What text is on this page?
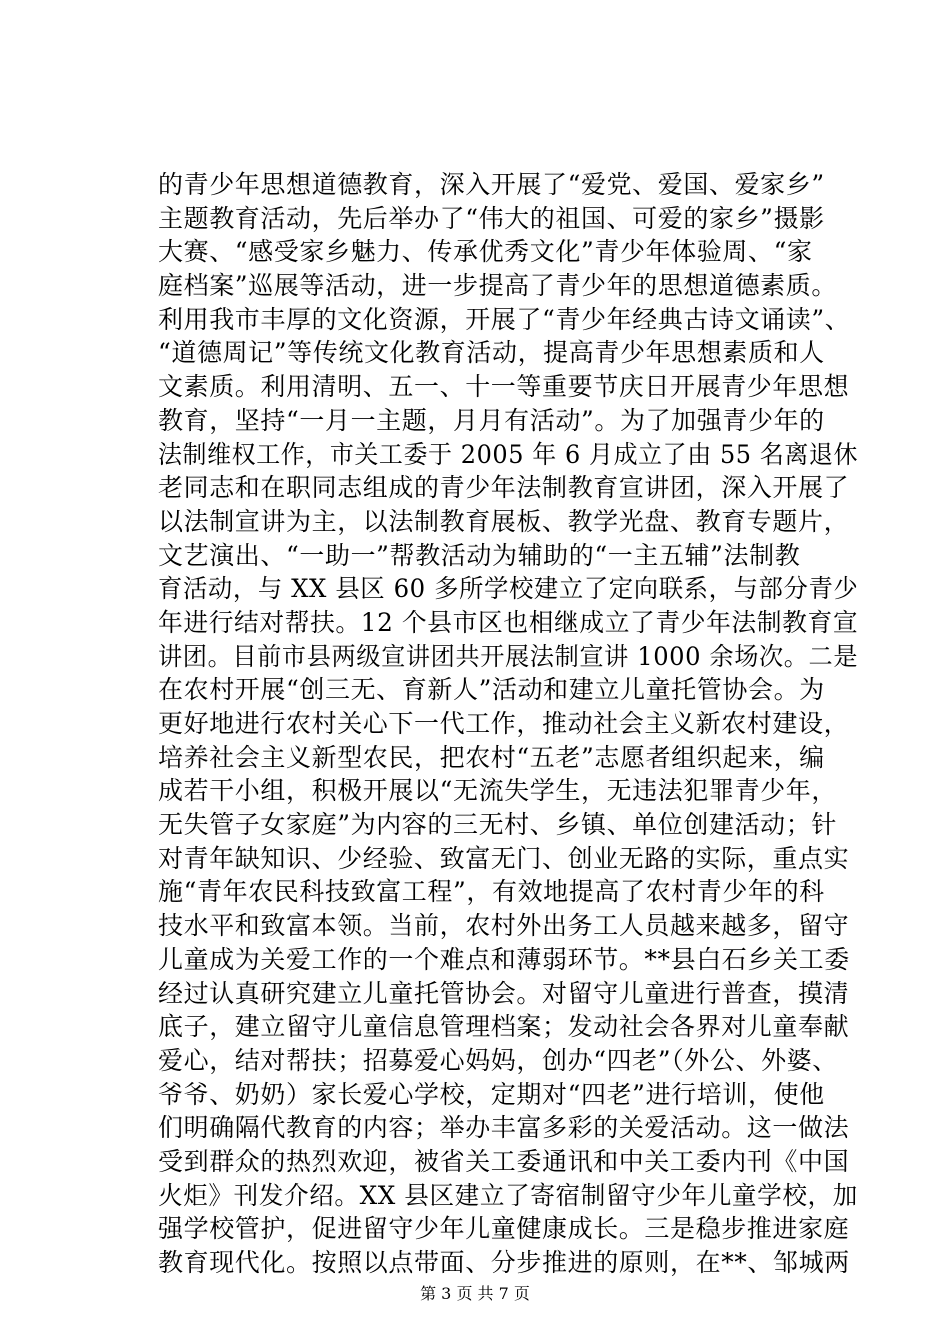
的青少年思想道德教育，深入开展了“爱党、爱国、爱家乡”
主题教育活动，先后举办了“伟大的祖国、可爱的家乡”摄影
大赛、“感受家乡魅力、传承优秀文化”青少年体验周、“家
庭档案”巡展等活动，进一步提高了青少年的思想道德素质。
利用我市丰厚的文化资源，开展了“青少年经典古诗文诵读”、
“道德周记”等传统文化教育活动，提高青少年思想素质和人
文素质。利用清明、五一、十一等重要节庆日开展青少年思想
教育，坚持“一月一主题，月月有活动”。为了加强青少年的
法制维权工作，市关工委于 2005 年 6 月成立了由 55 名离退休
老同志和在职同志组成的青少年法制教育宣讲团，深入开展了
以法制宣讲为主，以法制教育展板、教学光盘、教育专题片，
文艺演出、“一助一”帮教活动为辅助的“一主五辅”法制教
育活动，与 XX 县区 60 多所学校建立了定向联系，与部分青少
年进行结对帮扶。12 个县市区也相继成立了青少年法制教育宣
讲团。目前市县两级宣讲团共开展法制宣讲 1000 余场次。二是
在农村开展“创三无、育新人”活动和建立儿童托管协会。为
更好地进行农村关心下一代工作，推动社会主义新农村建设，
培养社会主义新型农民，把农村“五老”志愿者组织起来，编
成若干小组，积极开展以“无流失学生，无违法犯罪青少年，
无失管子女家庭”为内容的三无村、乡镇、单位创建活动；针
对青年缺知识、少经验、致富无门、创业无路的实际，重点实
施“青年农民科技致富工程”，有效地提高了农村青少年的科
技水平和致富本领。当前，农村外出务工人员越来越多，留守
儿童成为关爱工作的一个难点和薄弱环节。**县白石乡关工委
经过认真研究建立儿童托管协会。对留守儿童进行普查，摸清
底子，建立留守儿童信息管理档案；发动社会各界对儿童奉献
爱心，结对帮扶；招募爱心妈妈，创办“四老”（外公、外婆、
爷爷、奶奶）家长爱心学校，定期对“四老”进行培训，使他
们明确隔代教育的内容；举办丰富多彩的关爱活动。这一做法
受到群众的热烈欢迎，被省关工委通讯和中关工委内刊《中国
火炬》刊发介绍。XX 县区建立了寄宿制留守少年儿童学校，加
强学校管护，促进留守少年儿童健康成长。三是稳步推进家庭
教育现代化。按照以点带面、分步推进的原则，在**、邹城两
第 3 页 共 7 页
